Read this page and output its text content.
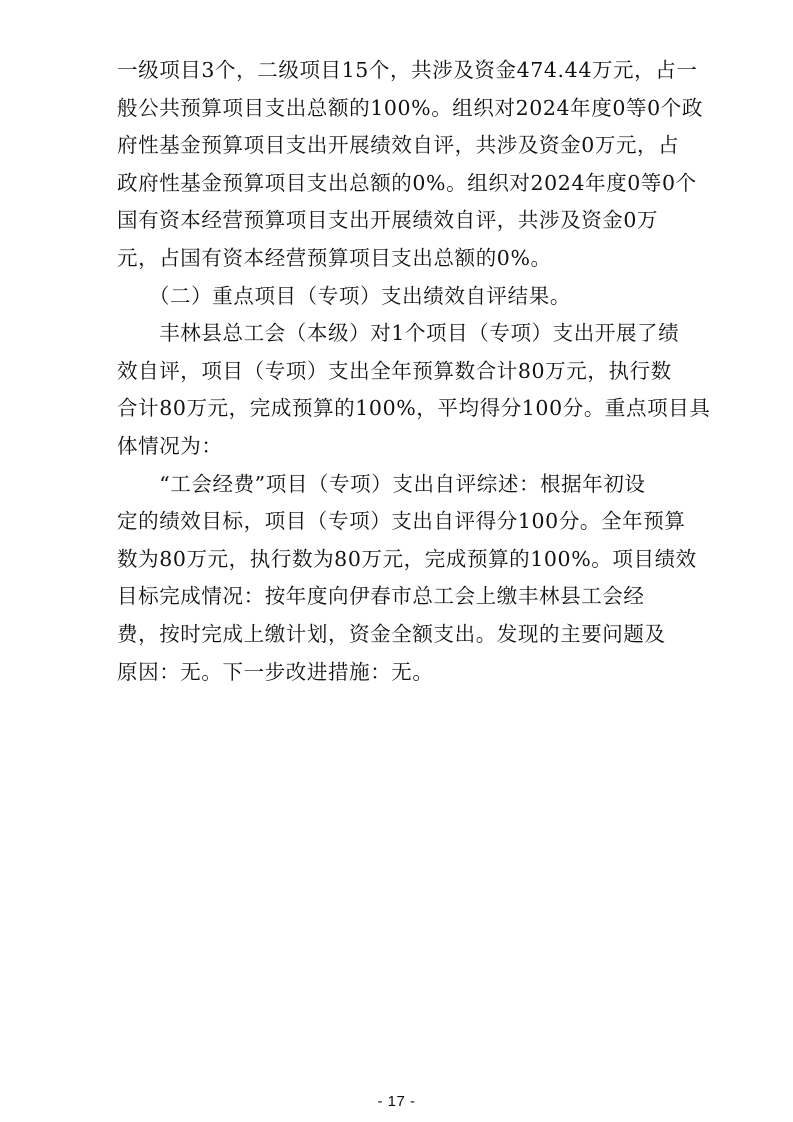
一级项目3个，二级项目15个，共涉及资金474.44万元，占一
般公共预算项目支出总额的100%。组织对2024年度0等0个政
府性基金预算项目支出开展绩效自评，共涉及资金0万元，占
政府性基金预算项目支出总额的0%。组织对2024年度0等0个
国有资本经营预算项目支出开展绩效自评，共涉及资金0万
元，占国有资本经营预算项目支出总额的0%。
　　（二）重点项目（专项）支出绩效自评结果。
　　丰林县总工会（本级）对1个项目（专项）支出开展了绩
效自评，项目（专项）支出全年预算数合计80万元，执行数
合计80万元，完成预算的100%，平均得分100分。重点项目具
体情况为：
　　“工会经费”项目（专项）支出自评综述：根据年初设
定的绩效目标，项目（专项）支出自评得分100分。全年预算
数为80万元，执行数为80万元，完成预算的100%。项目绩效
目标完成情况：按年度向伊春市总工会上缴丰林县工会经
费，按时完成上缴计划，资金全额支出。发现的主要问题及
原因：无。下一步改进措施：无。
- 17 -
